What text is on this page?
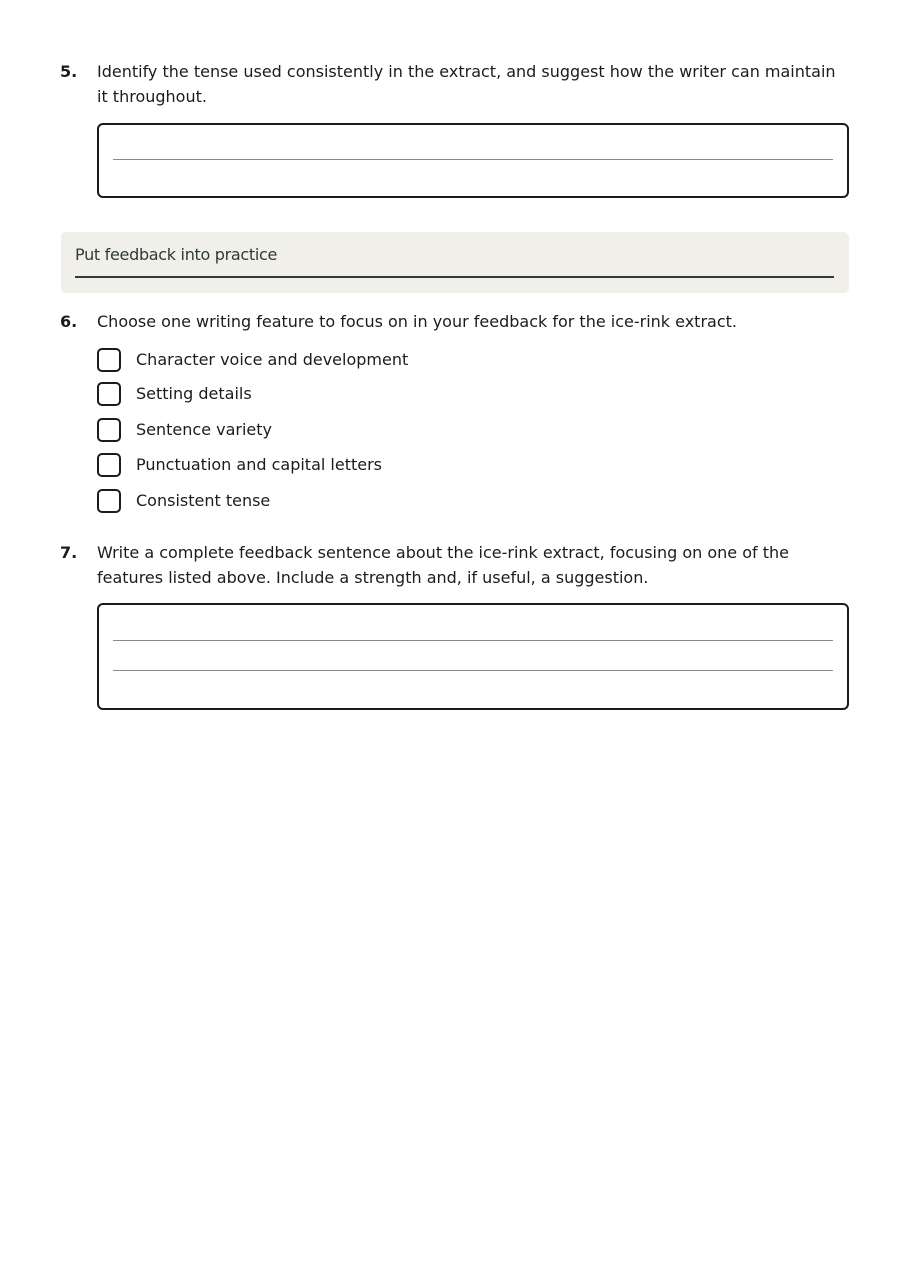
5. Identify the tense used consistently in the extract, and suggest how the writer can maintain it throughout.
Put feedback into practice
6. Choose one writing feature to focus on in your feedback for the ice-rink extract.
Character voice and development
Setting details
Sentence variety
Punctuation and capital letters
Consistent tense
7. Write a complete feedback sentence about the ice-rink extract, focusing on one of the features listed above. Include a strength and, if useful, a suggestion.
